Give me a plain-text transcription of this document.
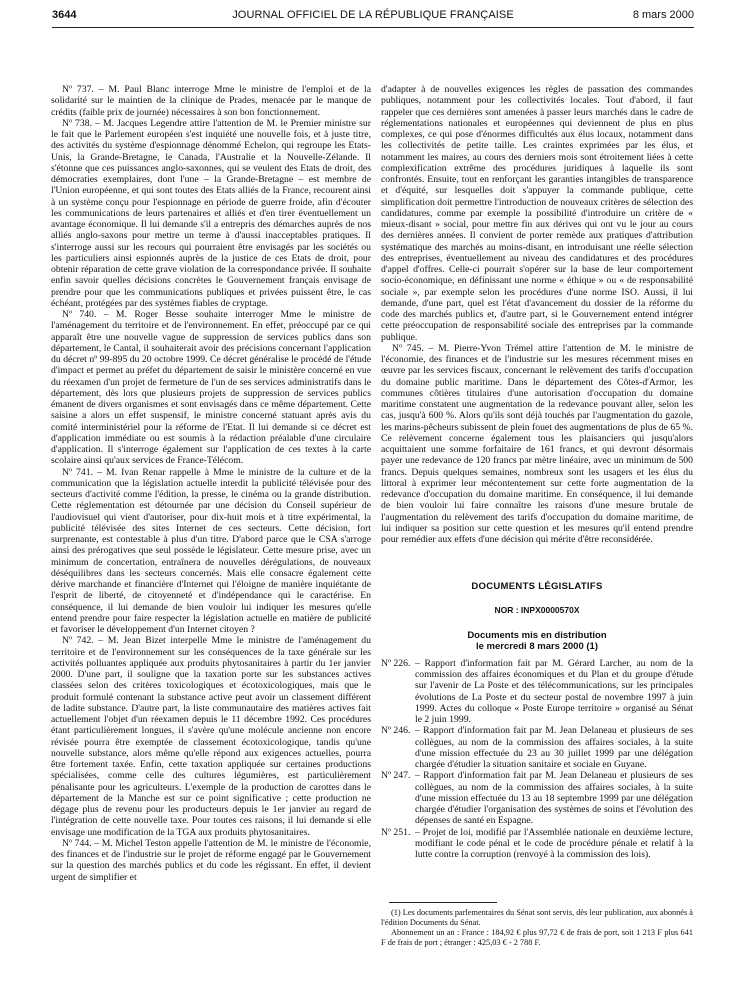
3644	JOURNAL OFFICIEL DE LA RÉPUBLIQUE FRANÇAISE	8 mars 2000

Nº 737. – M. Paul Blanc interroge Mme le ministre de l'emploi et de la solidarité sur le maintien de la clinique de Prades, menacée par le manque de crédits (faible prix de journée) nécessaires à son bon fonctionnement.

Nº 738. – M. Jacques Legendre attire l'attention de M. le Premier ministre sur le fait que le Parlement européen s'est inquiété une nouvelle fois, et à juste titre, des activités du système d'espionnage dénommé Echelon, qui regroupe les Etats-Unis, la Grande-Bretagne, le Canada, l'Australie et la Nouvelle-Zélande. Il s'étonne que ces puissances anglo-saxonnes, qui se veulent des Etats de droit, des démocraties exemplaires, dont l'une – la Grande-Bretagne – est membre de l'Union européenne, et qui sont toutes des Etats alliés de la France, recourent ainsi à un système conçu pour l'espionnage en période de guerre froide, afin d'écouter les communications de leurs partenaires et alliés et d'en tirer éventuellement un avantage économique. Il lui demande s'il a entrepris des démarches auprès de nos alliés anglo-saxons pour mettre un terme à d'aussi inacceptables pratiques. Il s'interroge aussi sur les recours qui pourraient être envisagés par les sociétés ou les particuliers ainsi espionnés auprès de la justice de ces Etats de droit, pour obtenir réparation de cette grave violation de la correspondance privée. Il souhaite enfin savoir quelles décisions concrètes le Gouvernement français envisage de prendre pour que les communications publiques et privées puissent être, le cas échéant, protégées par des systèmes fiables de cryptage.

Nº 740. – M. Roger Besse souhaite interroger Mme le ministre de l'aménagement du territoire et de l'environnement. En effet, préoccupé par ce qui apparaît être une nouvelle vague de suppression de services publics dans son département, le Cantal, il souhaiterait avoir des précisions concernant l'application du décret nº 99-895 du 20 octobre 1999. Ce décret généralise le procédé de l'étude d'impact et permet au préfet du département de saisir le ministère concerné en vue du réexamen d'un projet de fermeture de l'un de ses services administratifs dans le département, dès lors que plusieurs projets de suppression de services publics émanent de divers organismes et sont envisagés dans ce même département. Cette saisine a alors un effet suspensif, le ministre concerné statuant après avis du comité interministériel pour la réforme de l'Etat. Il lui demande si ce décret est d'application immédiate ou est soumis à la rédaction préalable d'une circulaire d'application. Il s'interroge également sur l'application de ces textes à la carte scolaire ainsi qu'aux services de France-Télécom.

Nº 741. – M. Ivan Renar rappelle à Mme le ministre de la culture et de la communication que la législation actuelle interdit la publicité télévisée pour des secteurs d'activité comme l'édition, la presse, le cinéma ou la grande distribution. Cette réglementation est détournée par une décision du Conseil supérieur de l'audiovisuel qui vient d'autoriser, pour dix-huit mois et à titre expérimental, la publicité télévisée des sites Internet de ces secteurs. Cette décision, fort surprenante, est contestable à plus d'un titre. D'abord parce que le CSA s'arroge ainsi des prérogatives que seul possède le législateur. Cette mesure prise, avec un minimum de concertation, entraînera de nouvelles dérégulations, de nouveaux déséquilibres dans les secteurs concernés. Mais elle consacre également cette dérive marchande et financière d'Internet qui l'éloigne de manière inquiétante de l'esprit de liberté, de citoyenneté et d'indépendance qui le caractérise. En conséquence, il lui demande de bien vouloir lui indiquer les mesures qu'elle entend prendre pour faire respecter la législation actuelle en matière de publicité et favoriser le développement d'un Internet citoyen ?

Nº 742. – M. Jean Bizet interpelle Mme le ministre de l'aménagement du territoire et de l'environnement sur les conséquences de la taxe générale sur les activités polluantes appliquée aux produits phytosanitaires à partir du 1er janvier 2000. D'une part, il souligne que la taxation porte sur les substances actives classées selon des critères toxicologiques et écotoxicologiques, mais que le produit formulé contenant la substance active peut avoir un classement différent de ladite substance. D'autre part, la liste communautaire des matières actives fait actuellement l'objet d'un réexamen depuis le 11 décembre 1992. Ces procédures étant particulièrement longues, il s'avère qu'une molécule ancienne non encore révisée pourra être exemptée de classement écotoxicologique, tandis qu'une nouvelle substance, alors même qu'elle répond aux exigences actuelles, pourra être fortement taxée. Enfin, cette taxation appliquée sur certaines productions spécialisées, comme celle des cultures légumières, est particulièrement pénalisante pour les agriculteurs. L'exemple de la production de carottes dans le département de la Manche est sur ce point significative ; cette production ne dégage plus de revenu pour les producteurs depuis le 1er janvier au regard de l'intégration de cette nouvelle taxe. Pour toutes ces raisons, il lui demande si elle envisage une modification de la TGA aux produits phytosanitaires.

Nº 744. – M. Michel Teston appelle l'attention de M. le ministre de l'économie, des finances et de l'industrie sur le projet de réforme engagé par le Gouvernement sur la question des marchés publics et du code les régissant. En effet, il devient urgent de simplifier et

d'adapter à de nouvelles exigences les règles de passation des commandes publiques, notamment pour les collectivités locales. Tout d'abord, il faut rappeler que ces dernières sont amenées à passer leurs marchés dans le cadre de réglementations nationales et européennes qui deviennent de plus en plus complexes, ce qui pose d'énormes difficultés aux élus locaux, notamment dans les collectivités de petite taille. Les craintes exprimées par les élus, et notamment les maires, au cours des derniers mois sont étroitement liées à cette complexification extrême des procédures juridiques à laquelle ils sont confrontés. Ensuite, tout en renforçant les garanties intangibles de transparence et d'équité, sur lesquelles doit s'appuyer la commande publique, cette simplification doit permettre l'introduction de nouveaux critères de sélection des candidatures, comme par exemple la possibilité d'introduire un critère de « mieux-disant » social, pour mettre fin aux dérives qui ont vu le jour au cours des dernières années. Il convient de porter remède aux pratiques d'attribution systématique des marchés au moins-disant, en introduisant une réelle sélection des entreprises, éventuellement au niveau des candidatures et des procédures d'appel d'offres. Celle-ci pourrait s'opérer sur la base de leur comportement socio-économique, en définissant une norme « éthique » ou « de responsabilité sociale », par exemple selon les procédures d'une norme ISO. Aussi, il lui demande, d'une part, quel est l'état d'avancement du dossier de la réforme du code des marchés publics et, d'autre part, si le Gouvernement entend intégrer cette préoccupation de responsabilité sociale des entreprises par la commande publique.

Nº 745. – M. Pierre-Yvon Trémel attire l'attention de M. le ministre de l'économie, des finances et de l'industrie sur les mesures récemment mises en œuvre par les services fiscaux, concernant le relèvement des tarifs d'occupation du domaine public maritime. Dans le département des Côtes-d'Armor, les communes côtières titulaires d'une autorisation d'occupation du domaine maritime constatent une augmentation de la redevance pouvant aller, selon les cas, jusqu'à 600 %. Alors qu'ils sont déjà touchés par l'augmentation du gazole, les marins-pêcheurs subissent de plein fouet des augmentations de plus de 65 %. Ce relèvement concerne également tous les plaisanciers qui jusqu'alors acquittaient une somme forfaitaire de 161 francs, et qui devront désormais payer une redevance de 120 francs par mètre linéaire, avec un minimum de 500 francs. Depuis quelques semaines, nombreux sont les usagers et les élus du littoral à exprimer leur mécontentement sur cette forte augmentation de la redevance d'occupation du domaine maritime. En conséquence, il lui demande de bien vouloir lui faire connaître les raisons d'une mesure brutale de l'augmentation du relèvement des tarifs d'occupation du domaine maritime, de lui indiquer sa position sur cette question et les mesures qu'il entend prendre pour remédier aux effets d'une décision qui mérite d'être reconsidérée.

DOCUMENTS LÉGISLATIFS
NOR : INPX0000570X
Documents mis en distribution
le mercredi 8 mars 2000 (1)
Nº 226. – Rapport d'information fait par M. Gérard Larcher, au nom de la commission des affaires économiques et du Plan et du groupe d'étude sur l'avenir de La Poste et des télécommunications, sur les principales évolutions de La Poste et du secteur postal de novembre 1997 à juin 1999. Actes du colloque « Poste Europe territoire » organisé au Sénat le 2 juin 1999.
Nº 246. – Rapport d'information fait par M. Jean Delaneau et plusieurs de ses collègues, au nom de la commission des affaires sociales, à la suite d'une mission effectuée du 23 au 30 juillet 1999 par une délégation chargée d'étudier la situation sanitaire et sociale en Guyane.
Nº 247. – Rapport d'information fait par M. Jean Delaneau et plusieurs de ses collègues, au nom de la commission des affaires sociales, à la suite d'une mission effectuée du 13 au 18 septembre 1999 par une délégation chargée d'étudier l'organisation des systèmes de soins et l'évolution des dépenses de santé en Espagne.
Nº 251. – Projet de loi, modifié par l'Assemblée nationale en deuxième lecture, modifiant le code pénal et le code de procédure pénale et relatif à la lutte contre la corruption (renvoyé à la commission des lois).

(1) Les documents parlementaires du Sénat sont servis, dès leur publication, aux abonnés à l'édition Documents du Sénat.

Abonnement un an : France : 184,92 € plus 97,72 € de frais de port, soit 1 213 F plus 641 F de frais de port ; étranger : 425,03 € - 2 788 F.
